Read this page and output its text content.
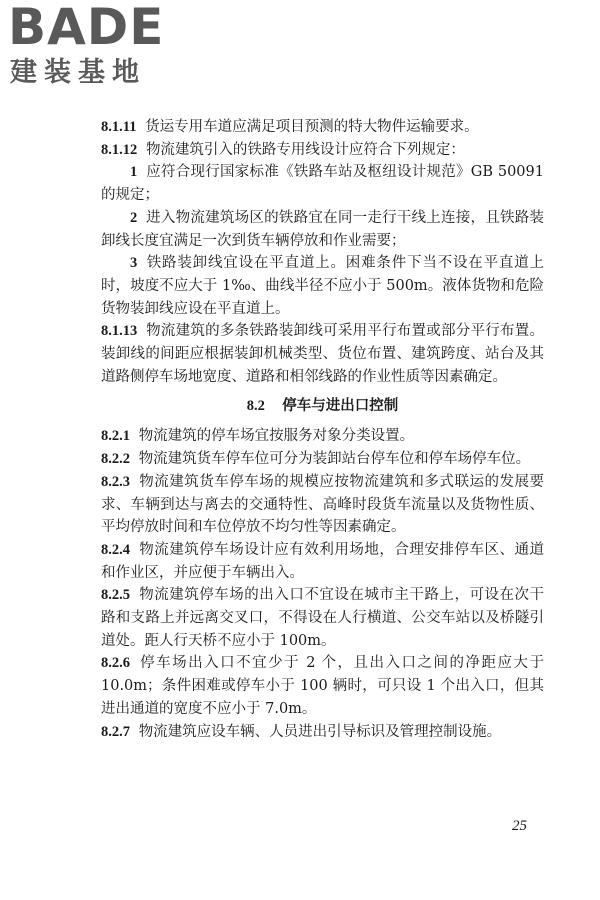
BADE
建装基地

8.1.11 货运专用车道应满足项目预测的特大物件运输要求。

8.1.12 物流建筑引入的铁路专用线设计应符合下列规定：

1 应符合现行国家标准《铁路车站及枢纽设计规范》GB 50091 的规定；

2 进入物流建筑场区的铁路宜在同一走行干线上连接，且铁路装卸线长度宜满足一次到货车辆停放和作业需要；

3 铁路装卸线宜设在平直道上。困难条件下当不设在平直道上时，坡度不应大于 1‰、曲线半径不应小于 500m。液体货物和危险货物装卸线应设在平直道上。

8.1.13 物流建筑的多条铁路装卸线可采用平行布置或部分平行布置。装卸线的间距应根据装卸机械类型、货位布置、建筑跨度、站台及其道路侧停车场地宽度、道路和相邻线路的作业性质等因素确定。

8.2 停车与进出口控制

8.2.1 物流建筑的停车场宜按服务对象分类设置。

8.2.2 物流建筑货车停车位可分为装卸站台停车位和停车场停车位。

8.2.3 物流建筑货车停车场的规模应按物流建筑和多式联运的发展要求、车辆到达与离去的交通特性、高峰时段货车流量以及货物性质、平均停放时间和车位停放不均匀性等因素确定。

8.2.4 物流建筑停车场设计应有效利用场地，合理安排停车区、通道和作业区，并应便于车辆出入。

8.2.5 物流建筑停车场的出入口不宜设在城市主干路上，可设在次干路和支路上并远离交叉口，不得设在人行横道、公交车站以及桥隧引道处。距人行天桥不应小于 100m。

8.2.6 停车场出入口不宜少于 2 个，且出入口之间的净距应大于 10.0m；条件困难或停车小于 100 辆时，可只设 1 个出入口，但其进出通道的宽度不应小于 7.0m。

8.2.7 物流建筑应设车辆、人员进出引导标识及管理控制设施。

25
